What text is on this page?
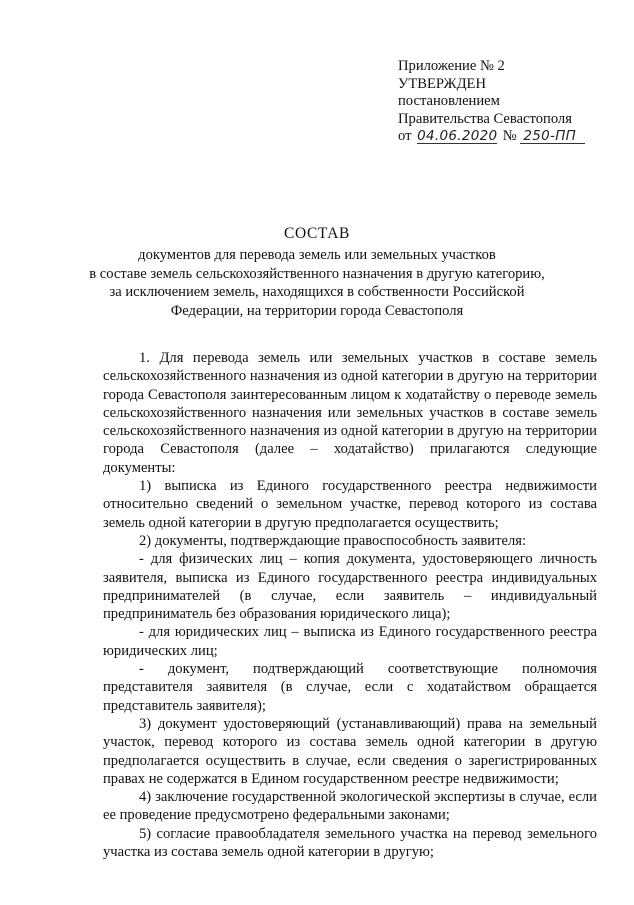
Приложение № 2
УТВЕРЖДЕН
постановлением
Правительства Севастополя
от 04.06.2020 № 250-ПП
СОСТАВ
документов для перевода земель или земельных участков
в составе земель сельскохозяйственного назначения в другую категорию,
за исключением земель, находящихся в собственности Российской
Федерации, на территории города Севастополя

1. Для перевода земель или земельных участков в составе земель сельскохозяйственного назначения из одной категории в другую на территории города Севастополя заинтересованным лицом к ходатайству о переводе земель сельскохозяйственного назначения или земельных участков в составе земель сельскохозяйственного назначения из одной категории в другую на территории города Севастополя (далее – ходатайство) прилагаются следующие документы:

1) выписка из Единого государственного реестра недвижимости относительно сведений о земельном участке, перевод которого из состава земель одной категории в другую предполагается осуществить;

2) документы, подтверждающие правоспособность заявителя:

- для физических лиц – копия документа, удостоверяющего личность заявителя, выписка из Единого государственного реестра индивидуальных предпринимателей (в случае, если заявитель – индивидуальный предприниматель без образования юридического лица);

- для юридических лиц – выписка из Единого государственного реестра юридических лиц;

- документ, подтверждающий соответствующие полномочия представителя заявителя (в случае, если с ходатайством обращается представитель заявителя);

3) документ удостоверяющий (устанавливающий) права на земельный участок, перевод которого из состава земель одной категории в другую предполагается осуществить в случае, если сведения о зарегистрированных правах не содержатся в Едином государственном реестре недвижимости;

4) заключение государственной экологической экспертизы в случае, если ее проведение предусмотрено федеральными законами;

5) согласие правообладателя земельного участка на перевод земельного участка из состава земель одной категории в другую;
